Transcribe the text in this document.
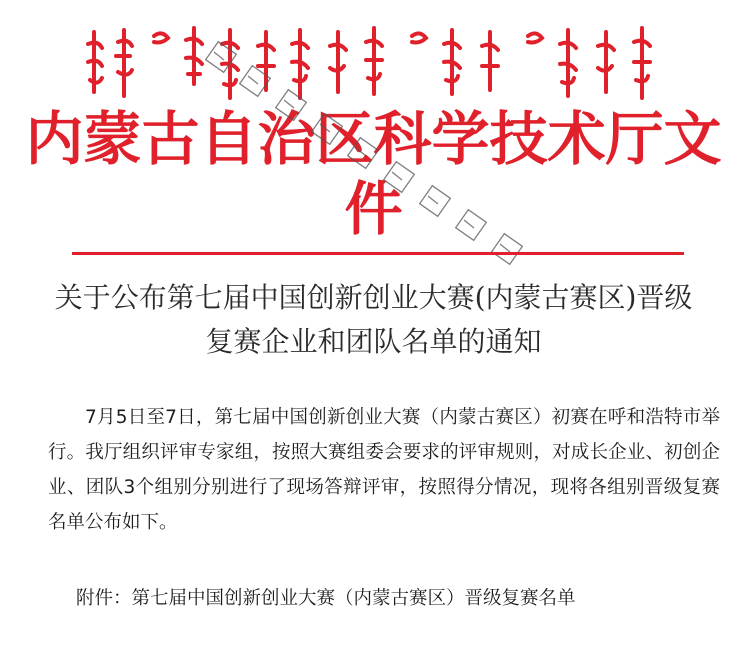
内蒙古自治区科学技术厅文件
关于公布第七届中国创新创业大赛(内蒙古赛区)晋级
复赛企业和团队名单的通知

7月5日至7日，第七届中国创新创业大赛（内蒙古赛区）初赛在呼和浩特市举行。我厅组织评审专家组，按照大赛组委会要求的评审规则，对成长企业、初创企业、团队3个组别分别进行了现场答辩评审，按照得分情况，现将各组别晋级复赛名单公布如下。

附件：第七届中国创新创业大赛（内蒙古赛区）晋级复赛名单
